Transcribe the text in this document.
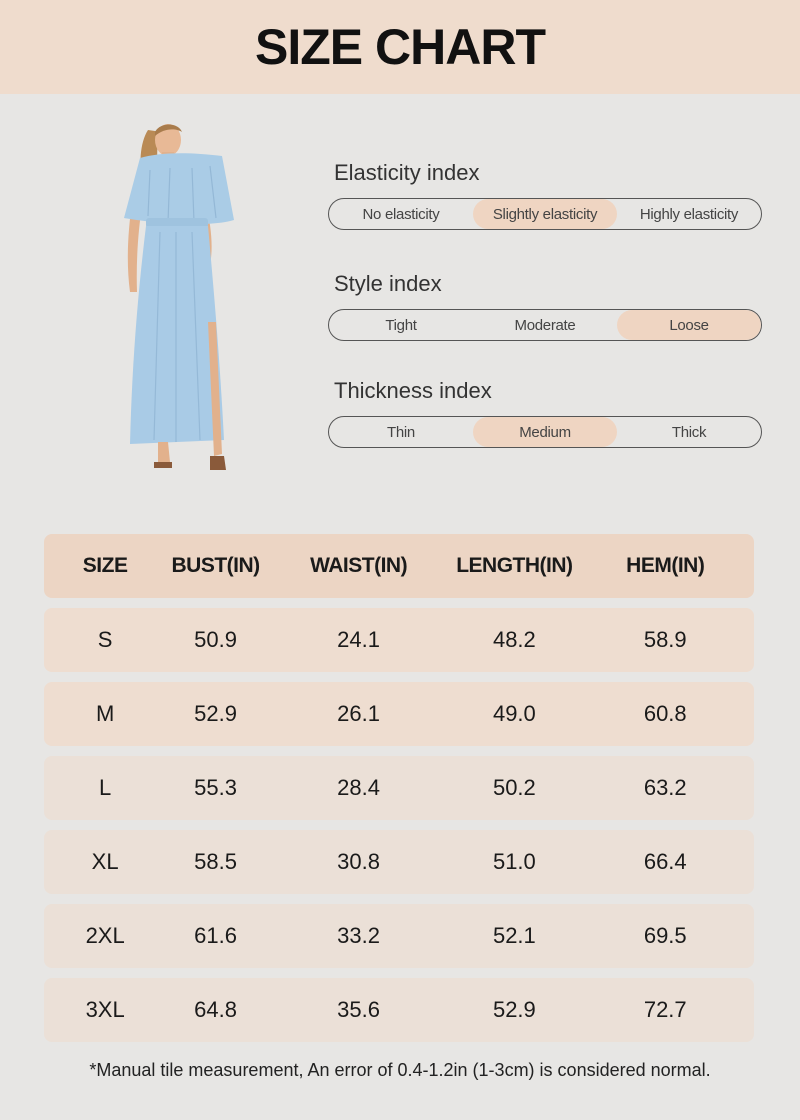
SIZE CHART
Elasticity index
No elasticity	Slightly elasticity	Highly elasticity
Style index
Tight	Moderate	Loose
Thickness index
Thin	Medium	Thick
SIZE	BUST(IN)	WAIST(IN)	LENGTH(IN)	HEM(IN)
S	50.9	24.1	48.2	58.9
M	52.9	26.1	49.0	60.8
L	55.3	28.4	50.2	63.2
XL	58.5	30.8	51.0	66.4
2XL	61.6	33.2	52.1	69.5
3XL	64.8	35.6	52.9	72.7
*Manual tile measurement, An error of 0.4-1.2in (1-3cm) is considered normal.
